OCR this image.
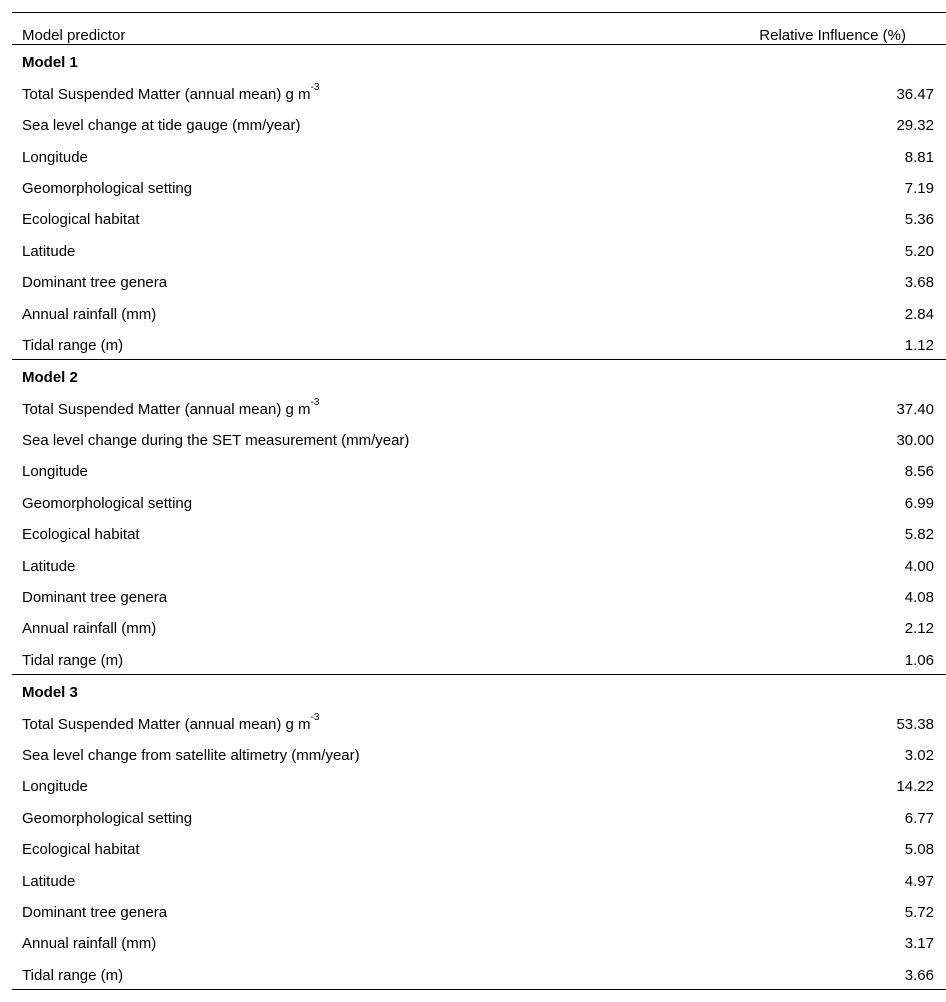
Model predictor	Relative Influence (%)
Model 1
Total Suspended Matter (annual mean) g $m^{-3}$	36.47
Sea level change at tide gauge (mm/year)	29.32
Longitude	8.81
Geomorphological setting	7.19
Ecological habitat	5.36
Latitude	5.20
Dominant tree genera	3.68
Annual rainfall (mm)	2.84
Tidal range (m)	1.12
Model 2
Total Suspended Matter (annual mean) g $m^{-3}$	37.40
Sea level change during the SET measurement (mm/year)	30.00
Longitude	8.56
Geomorphological setting	6.99
Ecological habitat	5.82
Latitude	4.00
Dominant tree genera	4.08
Annual rainfall (mm)	2.12
Tidal range (m)	1.06
Model 3
Total Suspended Matter (annual mean) g $m^{-3}$	53.38
Sea level change from satellite altimetry (mm/year)	3.02
Longitude	14.22
Geomorphological setting	6.77
Ecological habitat	5.08
Latitude	4.97
Dominant tree genera	5.72
Annual rainfall (mm)	3.17
Tidal range (m)	3.66
